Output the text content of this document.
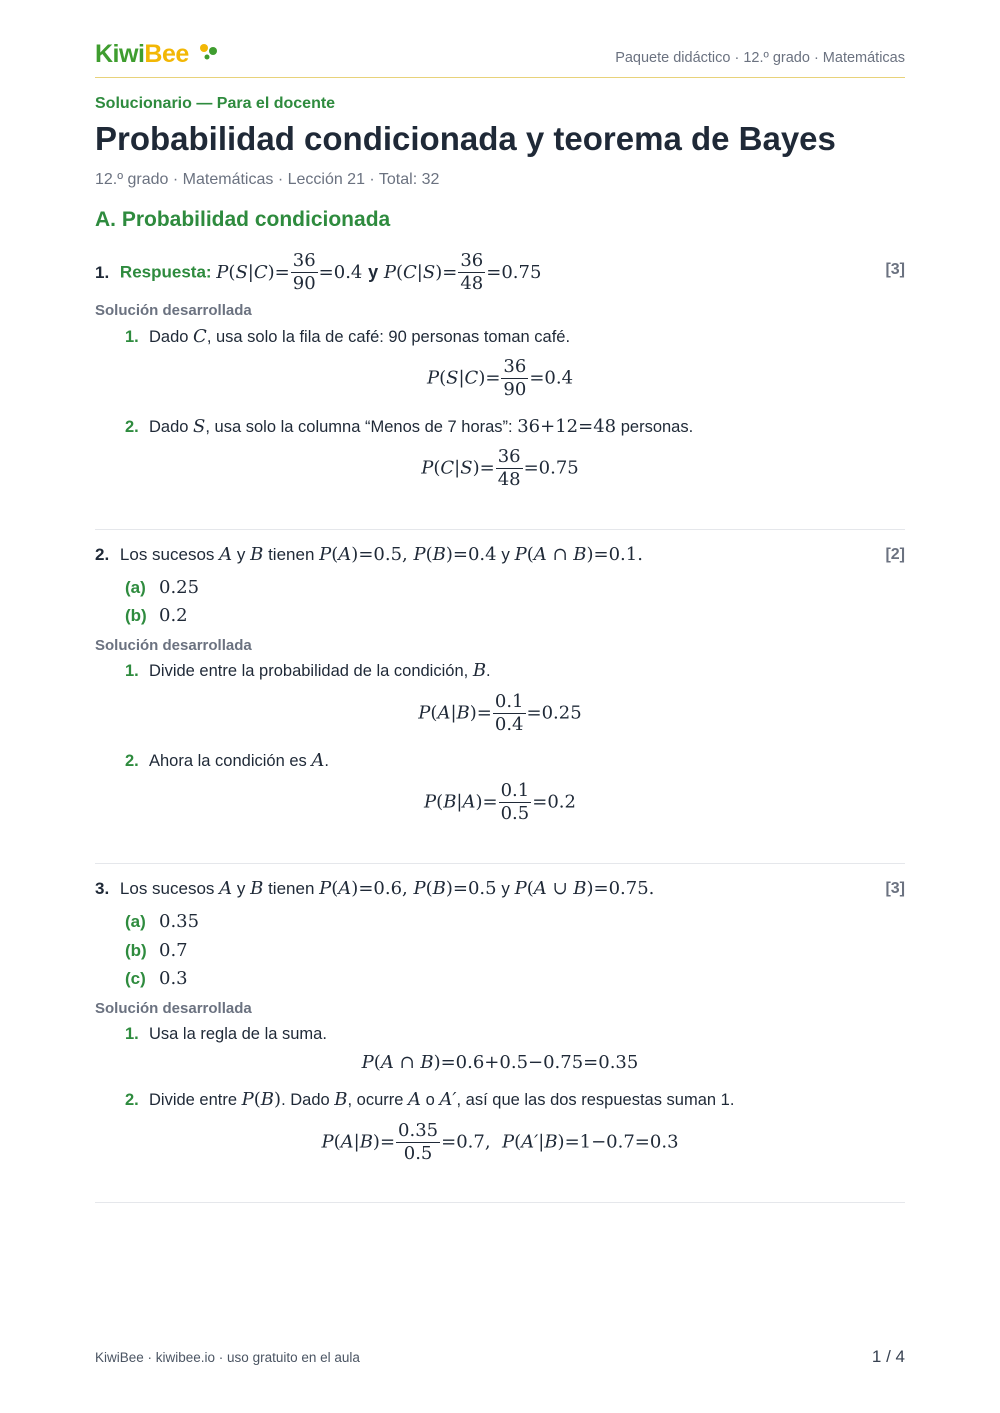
KiwiBee	Paquete didáctico · 12.º grado · Matemáticas
Solucionario — Para el docente
Probabilidad condicionada y teorema de Bayes
12.º grado · Matemáticas · Lección 21 · Total: 32
A. Probabilidad condicionada
1. Respuesta: $P(S|C)= \frac{36}{90} =0.4$ y $P(C|S)= \frac{36}{48} =0.75$	[3]
Solución desarrollada
1. Dado C, usa solo la fila de café: 90 personas toman café.
$P(S|C)= \frac{36}{90} =0.4$
2. Dado S, usa solo la columna “Menos de 7 horas”: 36+12=48 personas.
$P(C|S)= \frac{36}{48} =0.75$
2. Los sucesos A y B tienen P(A)=0.5, P(B)=0.4 y P(A ∩ B)=0.1.	[2]
(a) 0.25
(b) 0.2
Solución desarrollada
1. Divide entre la probabilidad de la condición, B.
$P(A|B)= \frac{0.1}{0.4} =0.25$
2. Ahora la condición es A.
$P(B|A)= \frac{0.1}{0.5} =0.2$
3. Los sucesos A y B tienen P(A)=0.6, P(B)=0.5 y P(A ∪ B)=0.75.	[3]
(a) 0.35
(b) 0.7
(c) 0.3
Solución desarrollada
1. Usa la regla de la suma.
P(A ∩ B)=0.6+0.5−0.75=0.35
2. Divide entre P(B). Dado B, ocurre A o A′, así que las dos respuestas suman 1.
$P(A|B)= \frac{0.35}{0.5} =0.7$,  P(A′|B)=1−0.7=0.3
KiwiBee · kiwibee.io · uso gratuito en el aula	1 / 4
